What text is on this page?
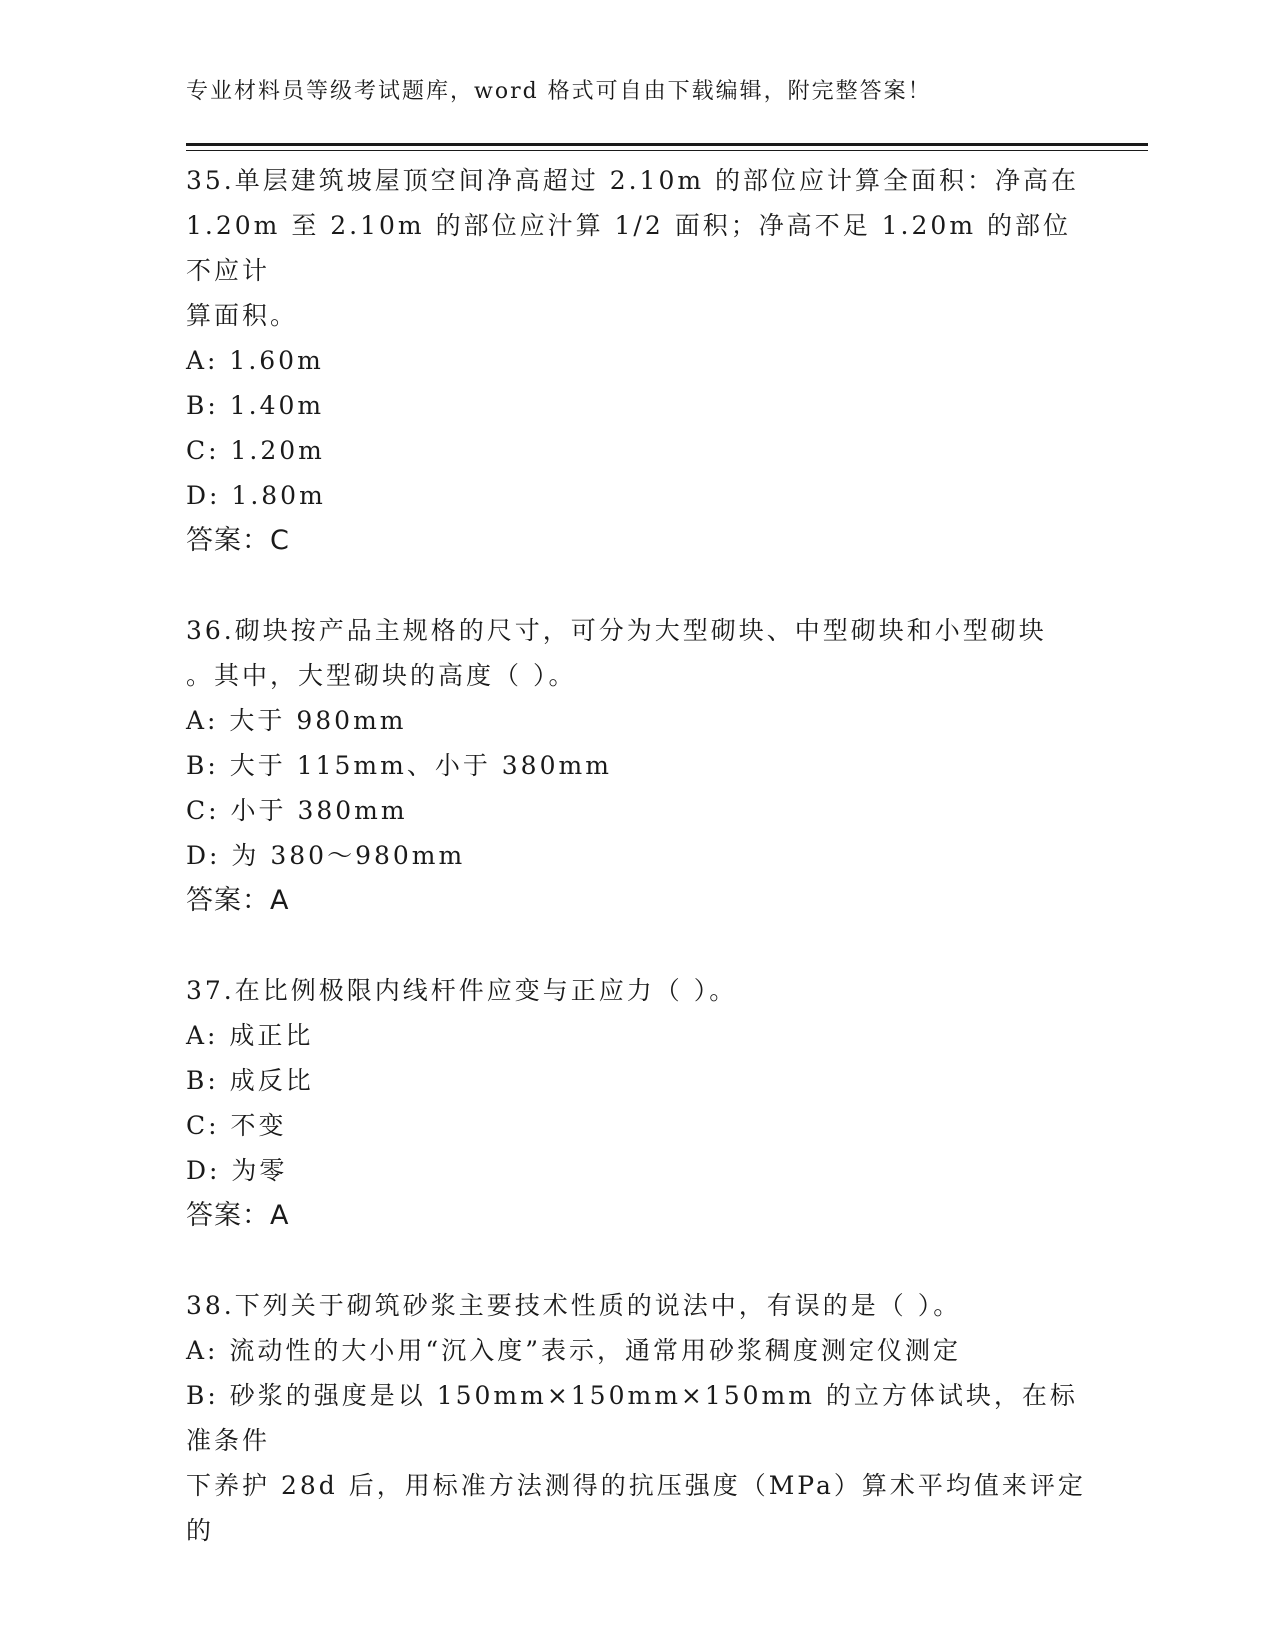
专业材料员等级考试题库，word 格式可自由下载编辑，附完整答案！
35.单层建筑坡屋顶空间净高超过 2.10m 的部位应计算全面积：净高在
1.20m 至 2.10m 的部位应汁算 1/2 面积；净高不足 1.20m 的部位不应计
算面积。
A: 1.60m
B: 1.40m
C: 1.20m
D: 1.80m
答案：C
36.砌块按产品主规格的尺寸，可分为大型砌块、中型砌块和小型砌块
。其中，大型砌块的高度（ ）。
A: 大于 980mm
B: 大于 115mm、小于 380mm
C: 小于 380mm
D: 为 380～980mm
答案：A
37.在比例极限内线杆件应变与正应力（ ）。
A: 成正比
B: 成反比
C: 不变
D: 为零
答案：A
38.下列关于砌筑砂浆主要技术性质的说法中，有误的是（ ）。
A: 流动性的大小用“沉入度”表示，通常用砂浆稠度测定仪测定
B: 砂浆的强度是以 150mm×150mm×150mm 的立方体试块，在标准条件
下养护 28d 后，用标准方法测得的抗压强度（MPa）算术平均值来评定
的
